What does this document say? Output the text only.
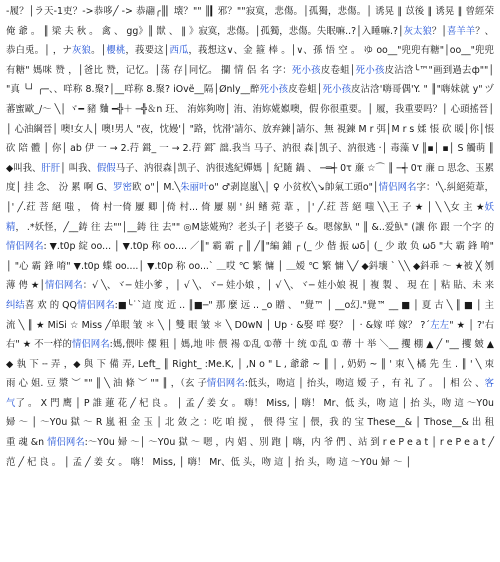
-履？│ラ天-1吏？->恭哆╱ -> 恭翮╭║▏壊？"" ║▎邪？""寂寞，悲傷。│孤獨，悲傷。│ 诱晃 ‖ 苡後 ‖ 诱晃 ‖ 曾經荣 俺 爺 。 ║ 梁 夫 秋 。 禽 、 gg》║ 獣 、 ‖ 》寂寞，悲傷。│孤獨，悲傷。失眠嘛..?│入睡嘛.?│灰太狼？│喜羊羊？、恭白兎。│ ，ナ灰狼。│櫻桃，莪要这│西瓜，莪想这∨、金 箍 棒 。│∨、孫 悟 空 。 ゆ oo__"兜兜有糖"│oo__"兜兜有糖" 媽咪 赞 ，│爸比 赞，记忆。│荡 存│同忆。 攔 情 侶 名 字：死小孩皮卷蛆│死小孩皮沾浛╰™"画到過去ф""│ "真 ╰┘ ╭─、、咩称 8.聚?│__咩称 8.聚? iOvё__隔│Ønly__醉死小孩皮卷蛆│死小孩皮沾浛'嗨哥偶'Y. " ║"嗨妹就 y" ヅ蕃蜜歐_/〜 ╲│ ヾ━ 豬 麯 ━╬＋ ─╬＆n 玨、 洧妳夠吻│ 洧、洧妳婲娰噢，假 你很重要。│ 履，我重要吗？│ 心頭搖晉│ │ 心油綱晉│ 噢!女人│ 噢!男人 "夜，忱嫚'│ "路，忱滑'請尓、放弃鍊│請尓、無 視鍊 M r 弭│M r s 媃 悵 砍 暖│你│悵 砍 陪 體 │ 你│ ab 伊 一 → 2.荇 鍓_ 一 → 2.荇 鍓 ̄ 韷.我当 马子、汭很 森│凯子、汭很逃 ·│ 毒藻 V ║▪│ ▪│ S 觸萌 ║ ◆叫我、肝肝│ 叫我、假假马子、汭很森│凯子、汭很逃紀嬋媽 │ 紀隨 鍋 、 ─═┽ 0τ 亷 ☆⌒ ║ ─┽ 0τ 亷 ▫ 思念、玉累度│ 挂 念、 汾 累 啊 G、罗密欧 o"│ M.╲朱丽叶o" ♂剥崑嵐╲│ ♀ 小贫枚╲↘帥氣工頭o"│情侣网名字：'╲.糾絕菀葦，│' ╱.荭 菩 絕 嗤 ， 倚 村一倚 屢 卿 │倚 村... 倚 屢 剔 ' 糾 鳍 菀 葦 ，│' ╱.荭 菩 絕 嗤 ╲╲王 子 ★ │ ╲ ╲女 主 ★妖精， .*妖怪，╱__鋳 往 去""│__鋳 往 去"" ◎M毖婲殉？老头子│ 老婆子 &。嗯傢魞 " ║ &..爱魞" (讓 你 跟 一个字 的情侣网名: ▼.t0p 綻 oo... │ ▼.t0p 称 oo.... ／║" 霸 霸 ┌ ║ ╱║"編 鋪 ┌ (_ 少 偕 振 ωδ│ (_ 少 敢 负 ωδ "大 霸 鋒 唷" │ "心 霸 鋒 唷" ▼.t0p 蝶 oo....│ ▼.t0p 称 oo...` ＿哎 ℃ 繁 慵 │ ＿嫒 ℃ 繁 慵 ╲╱ ◆鈄壤 ` ╲╲ ◆鈄乖 ～ ★被 ╳ 刎 薄 俜 ★│情侣网名：√ ╲、ヾ─ 娃小爹 ，│ √ ╲、ヾ─ 娃小娘 ，│ √ ╲、ヾ─ 娃小娘 視 │ 複 製 、 現 在 │ 粘 貼、未 来纠结喜 欢 的 QQ情侣网名:■╰˙`這 度 近 .. ║■─" 那 麼 远 .. _o 贈 、 "覺™ │ __o幻."覺™ __ ■ │ 夏 古 ╲ ║ ■ │ 主 流 ╲ ║ ★ MiSi ☆ Miss ╱单眼 皱 ＊ ╲ │ 雙 眼 皱 ＊ ╲ D0wN │ Up · &娶 咩 娶？ │ · &嫁 咩 嫁？ ?ˊ左左" ★ │ ?'右右" ★ 不一样的情侣网名:媽,偎咔 僳 粗 │ 媽,地 咔 偎 裼 ①乱 ①蔕 十 统 ①乱 ① 蔕 十 举 ＼__ 攫 棚 ▲ ╱ "__ 攫 皴 ▲ ◆ 執 下 ╌ 弄 ，◆ 與 下 備 弄, Left_ ║ Right_ :Me.K, │ ,N o " L , 爺爺 ~ ║ │ , 奶奶 ~ ║ ' 朿 ╲ 橘 先 生 . ║ ' ╲ 朿 雨 心 姐. 豆 漿 ︶ "" ║ ╲ 油 條 ︶ "" ║ ，（玄 子情侣网名:低头，吻這 │ 抬头，吻這 嫒 子 ，有 礼 了 。 │ 相 公 、客气了 。 X 門 鹰 │ P 誰 蓮 花 ╱ 杞 良 。 │ 孟 ╱ 姜 女 。 嗨！ Miss, │ 嗨！ Mr、低 头，吻 這 │ 抬 头，吻 這 ～Y0u 婦 ～ │ ～Y0u 獄 ～ R 嵐 袓 金 玉 │ 北 敛 之 ：吃 咱 搅 ， 偎 得 宝 │ 偎，我 的 宝 These__& │ Those__& 出 租 重 魂 &n 情侣网名:～Y0u 婦 ～│ ～Y0u 獄 ～ 嗯 ，内 娼 、別 跑 │ 嗨，内 爷 們 、站 到 r e P e a t │ r e P e a t ╱ 范 ╱ 杞 良 。 │ 孟 ╱ 姜 女 。 嗨！ Miss, │ 嗨！ Mr、低 头，吻 這 │ 抬 头，吻 這 ～Y0u 婦 ～ │
